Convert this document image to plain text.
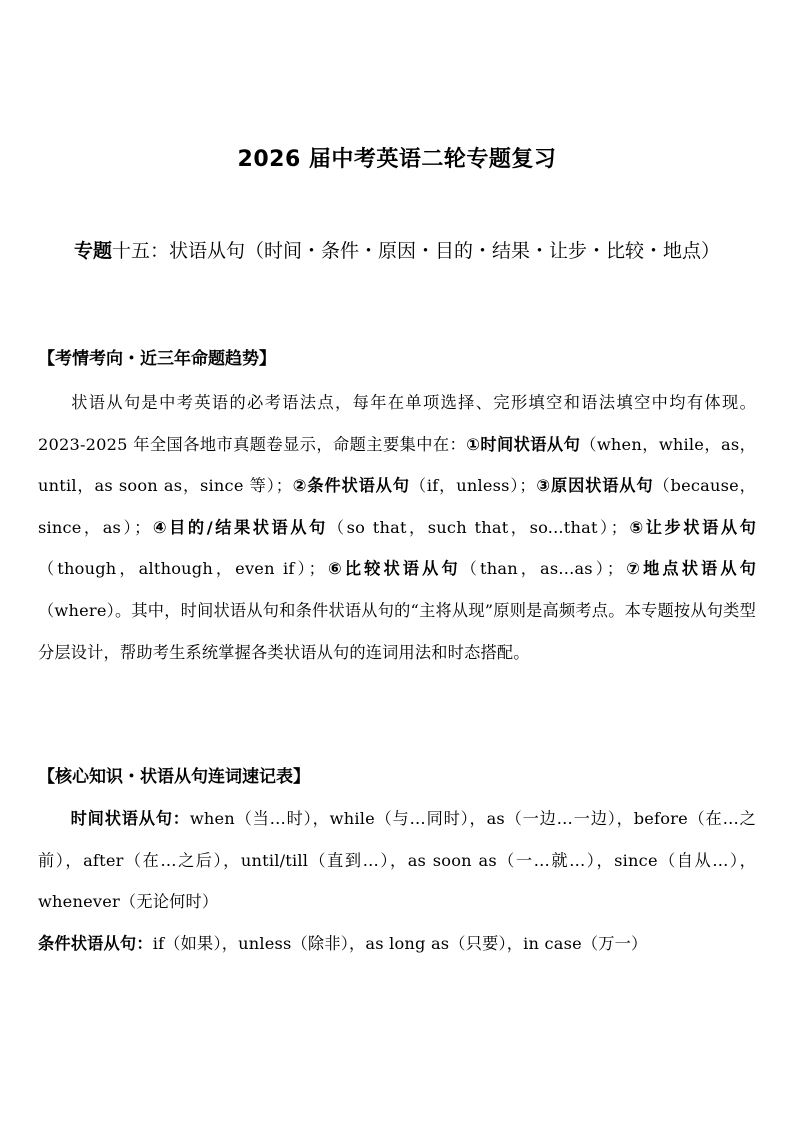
2026 届中考英语二轮专题复习
专题十五：状语从句（时间・条件・原因・目的・结果・让步・比较・地点）
【考情考向・近三年命题趋势】
状语从句是中考英语的必考语法点，每年在单项选择、完形填空和语法填空中均有体现。2023-2025 年全国各地市真题卷显示，命题主要集中在：①时间状语从句（when，while，as，until，as soon as，since 等）；②条件状语从句（if，unless）；③原因状语从句（because，since，as）；④目的/结果状语从句（so that，such that，so...that）；⑤让步状语从句（though，although，even if）；⑥比较状语从句（than，as...as）；⑦地点状语从句（where）。其中，时间状语从句和条件状语从句的“主将从现”原则是高频考点。本专题按从句类型分层设计，帮助考生系统掌握各类状语从句的连词用法和时态搭配。
【核心知识・状语从句连词速记表】
时间状语从句：when（当…时），while（与…同时），as（一边…一边），before（在…之前），after（在…之后），until/till（直到…），as soon as（一…就…），since（自从…），whenever（无论何时）
条件状语从句：if（如果），unless（除非），as long as（只要），in case（万一）
